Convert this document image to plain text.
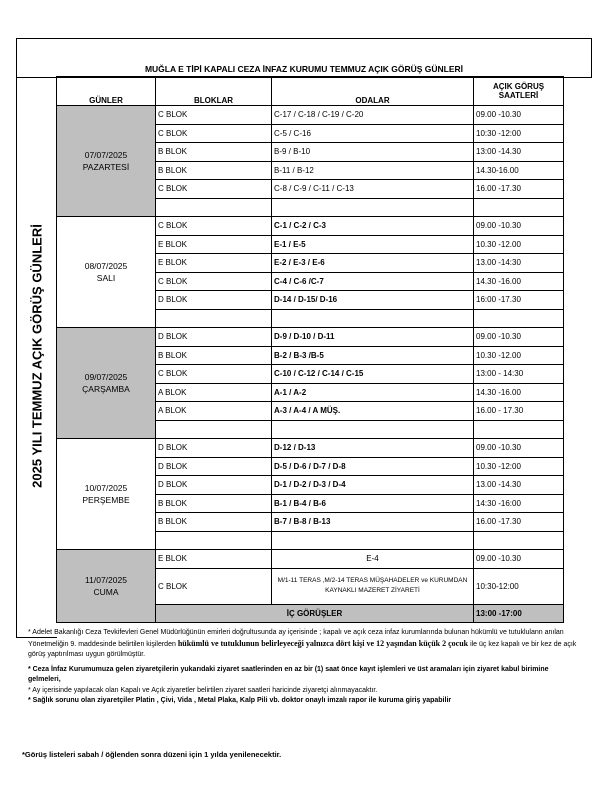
MUĞLA E TİPİ KAPALI CEZA İNFAZ KURUMU TEMMUZ AÇIK GÖRÜŞ GÜNLERİ
2025 YILI TEMMUZ AÇIK GÖRÜŞ GÜNLERİ
GÜNLER	BLOKLAR	ODALAR	AÇIK GÖRUŞ SAATLERİ
07/07/2025
PAZARTESİ	C BLOK	C-17 / C-18 / C-19 / C-20	09.00 -10.30
	C BLOK	C-5 / C-16	10:30 -12:00
	B BLOK	B-9 / B-10	13:00 -14.30
	B BLOK	B-11 / B-12	14.30-16.00
	C BLOK	C-8 / C-9 / C-11 / C-13	16.00 -17.30

08/07/2025
SALI	C BLOK	C-1 / C-2 / C-3	09.00 -10.30
	E BLOK	E-1 / E-5	10.30 -12.00
	E BLOK	E-2 / E-3 / E-6	13.00 -14:30
	C BLOK	C-4 / C-6 /C-7	14.30 -16.00
	D BLOK	D-14 / D-15/ D-16	16:00 -17.30

09/07/2025
ÇARŞAMBA	D BLOK	D-9 / D-10 / D-11	09.00 -10.30
	B BLOK	B-2 / B-3 /B-5	10.30 -12.00
	C BLOK	C-10 / C-12 / C-14 / C-15	13:00 - 14:30
	A BLOK	A-1 / A-2	14.30 -16.00
	A BLOK	A-3 / A-4 / A MÜŞ.	16.00 - 17.30

10/07/2025
PERŞEMBE	D BLOK	D-12 / D-13	09.00 -10.30
	D BLOK	D-5 / D-6 / D-7 / D-8	10.30 -12:00
	D BLOK	D-1 / D-2 / D-3 / D-4	13.00 -14.30
	B BLOK	B-1 / B-4 / B-6	14:30 -16:00
	B BLOK	B-7 / B-8 / B-13	16.00 -17.30

11/07/2025
CUMA	E BLOK	E-4	09.00 -10.30
	C BLOK	M/1-11 TERAS ,M/2-14 TERAS MÜŞAHADELER ve KURUMDAN KAYNAKLI MAZERET ZİYARETİ	10:30-12:00
	İÇ GÖRÜŞLER		13:00 -17:00

* Adelet Bakanlığı Ceza Tevkifevleri Genel Müdürlüğünün emirleri doğrultusunda ay içerisinde ; kapalı ve açık ceza infaz kurumlarında bulunan hükümlü ve tutuklulann anılan Yönetmeliğin 9. maddesinde belirtilen kişilerden hükümlü ve tutuklunun belirleyeceği yalnızca dört kişi ve 12 yaşından küçük 2 çocuk ile üç kez kapalı ve bir kez de açık görüş yaptırılması uygun görülmüştür.

* Ceza İnfaz Kurumumuza gelen ziyaretçilerin yukarıdaki ziyaret saatlerinden en az bir (1) saat önce kayıt işlemleri ve üst aramaları için ziyaret kabul birimine gelmeleri,

* Ay içerisinde yapılacak olan Kapalı ve Açık ziyaretler belirtilen ziyaret saatleri haricinde ziyaretçi alınmayacaktır.

* Sağlık sorunu olan ziyaretçiler Platin , Çivi, Vida , Metal Plaka, Kalp Pili vb. doktor onaylı imzalı rapor ile kuruma giriş yapabilir

*Görüş listeleri sabah / öğlenden sonra düzeni için 1 yılda yenilenecektir.
